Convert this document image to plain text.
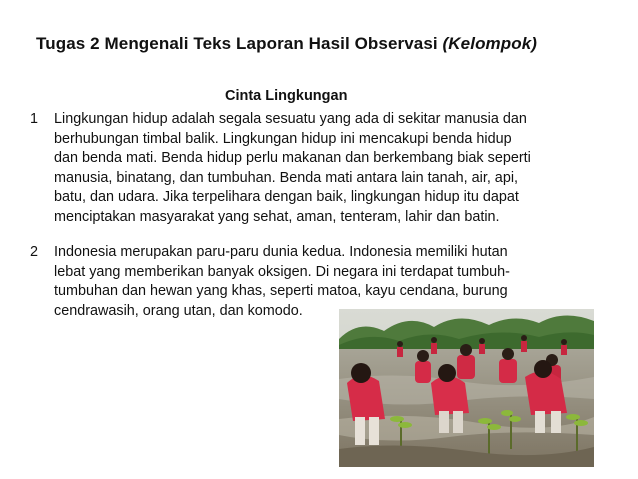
Tugas 2 Mengenali Teks Laporan Hasil Observasi (Kelompok)
Cinta Lingkungan
1	Lingkungan hidup adalah segala sesuatu yang ada di sekitar manusia dan
berhubungan timbal balik. Lingkungan hidup ini mencakupi benda hidup
dan benda mati. Benda hidup perlu makanan dan berkembang biak seperti
manusia, binatang, dan tumbuhan. Benda mati antara lain tanah, air, api,
batu, dan udara. Jika terpelihara dengan baik, lingkungan hidup itu dapat
menciptakan masyarakat yang sehat, aman, tenteram, lahir dan batin.
2	Indonesia merupakan paru-paru dunia kedua. Indonesia memiliki hutan
lebat yang memberikan banyak oksigen. Di negara ini terdapat tumbuh-
tumbuhan dan hewan yang khas, seperti matoa, kayu cendana, burung
cendrawasih, orang utan, dan komodo.
